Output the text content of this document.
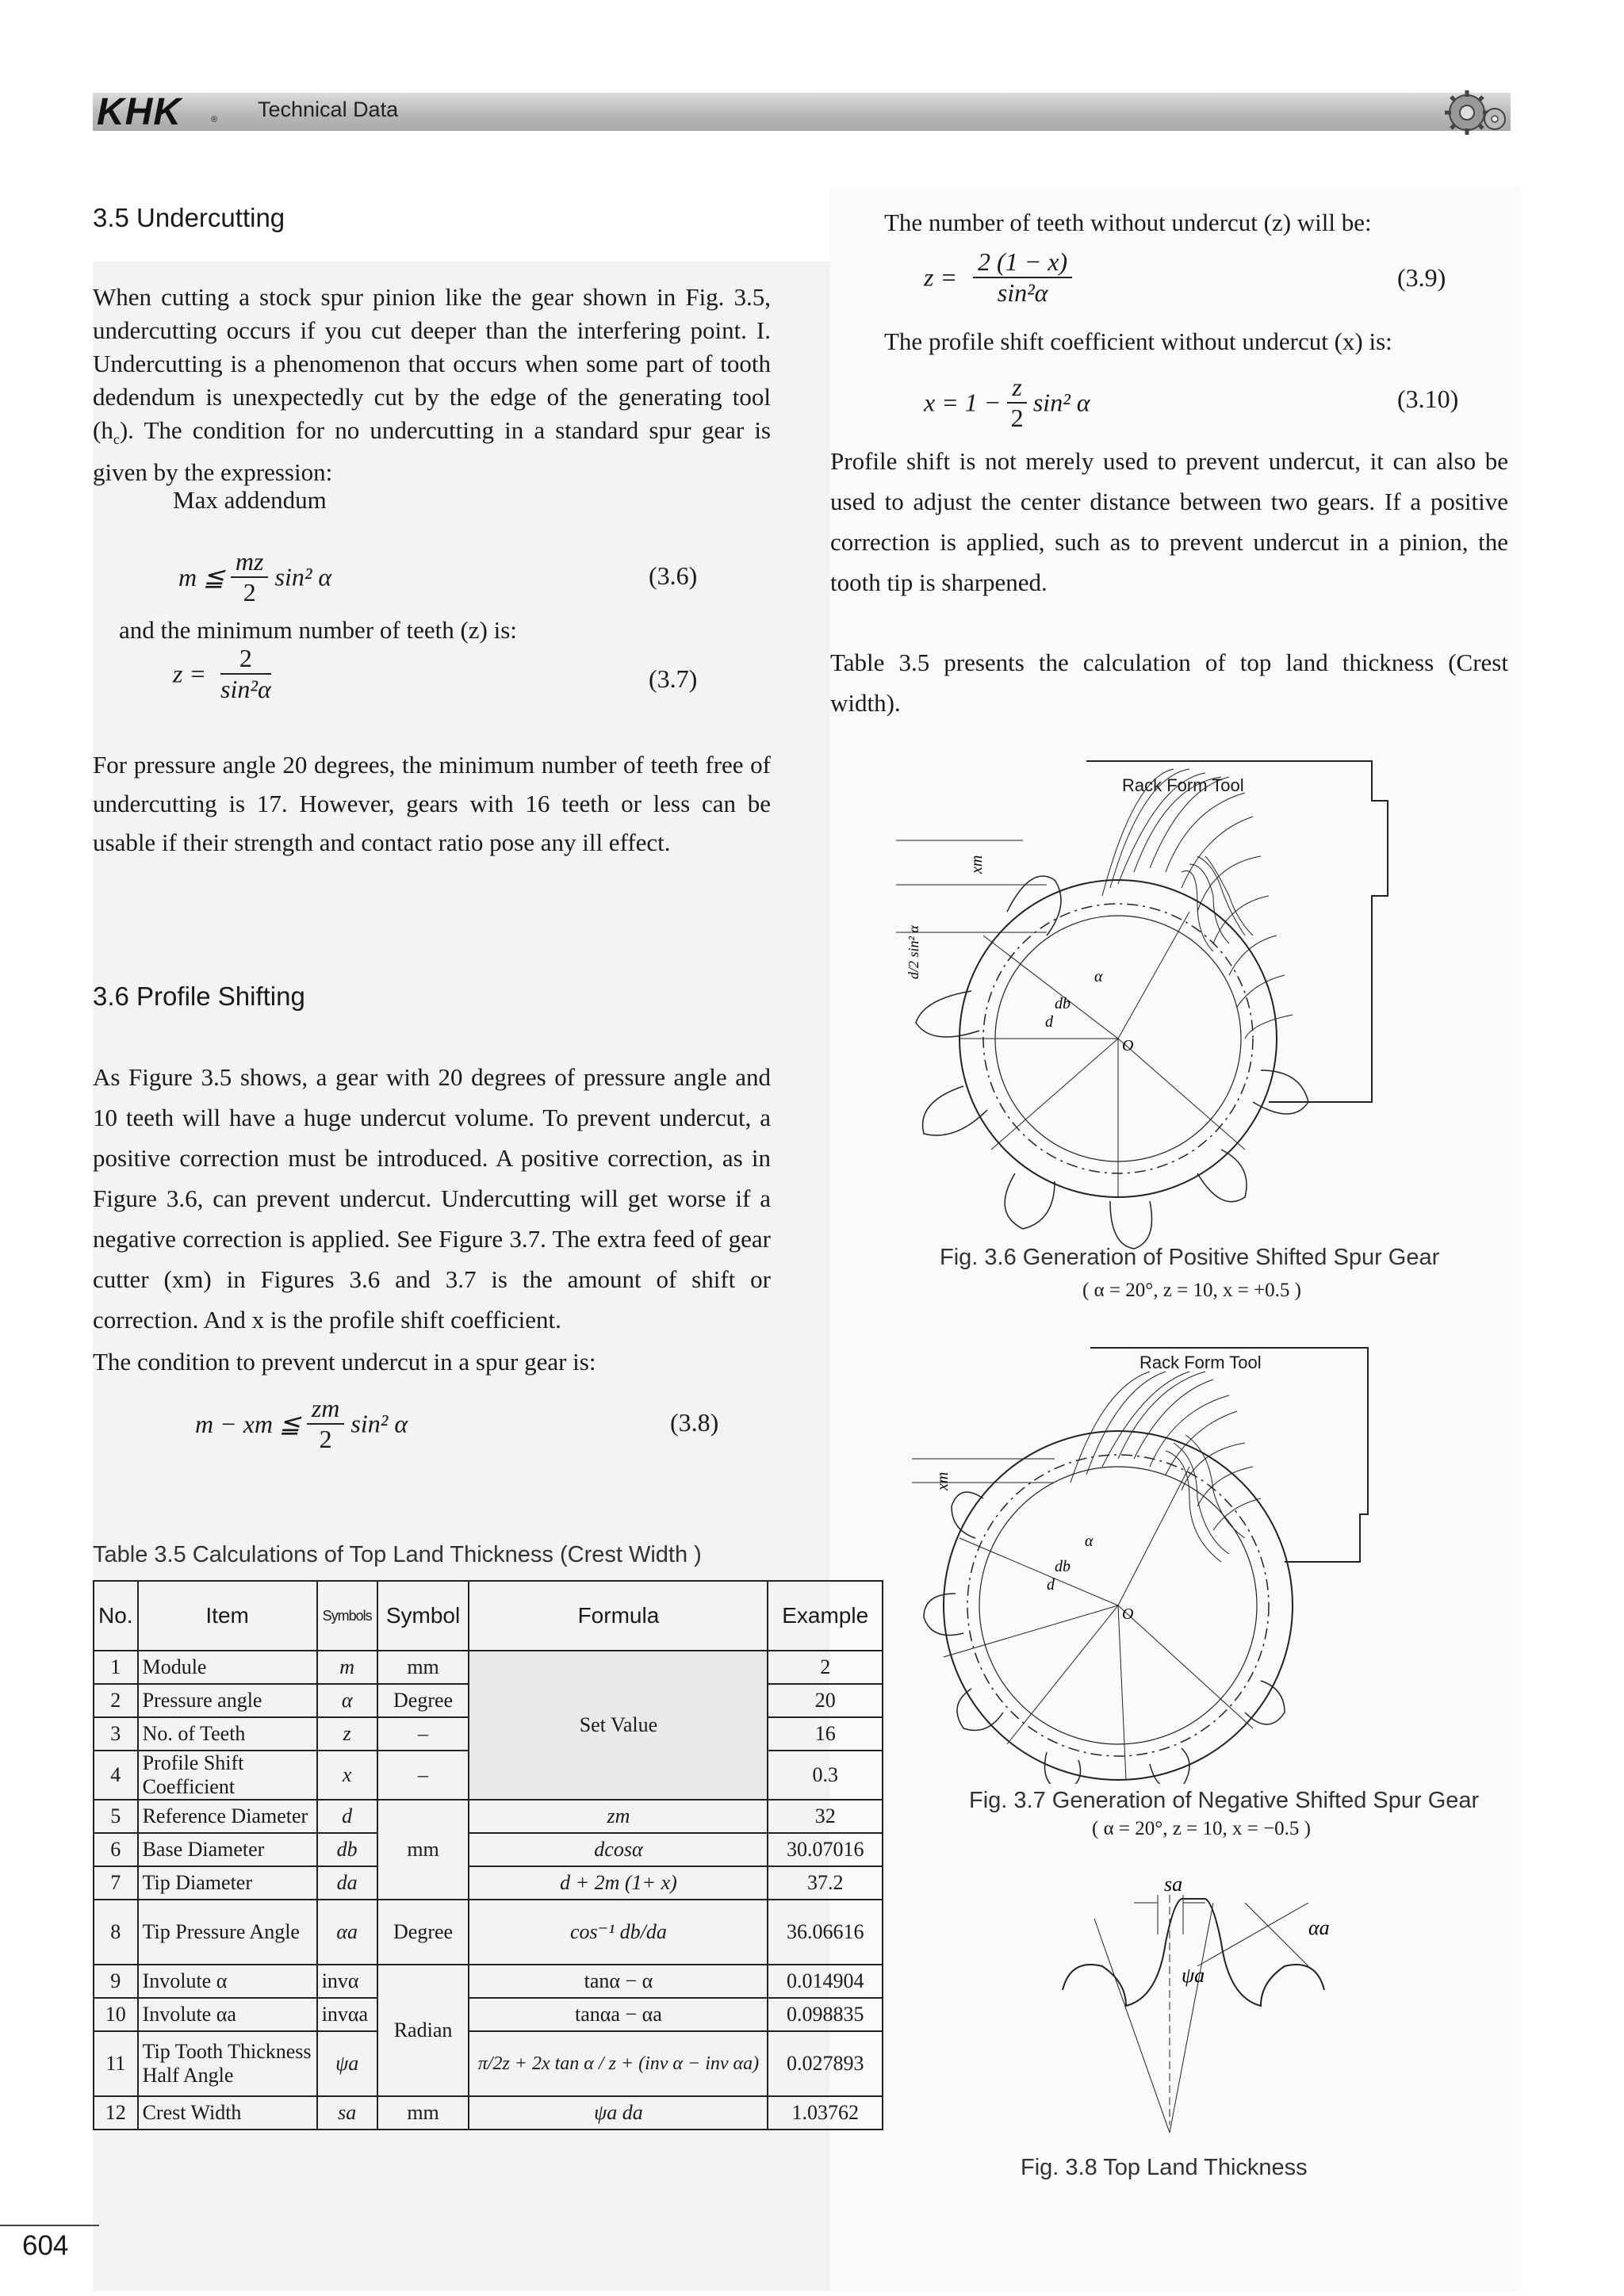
KHK	® Technical Data
3.5 Undercutting

When cutting a stock spur pinion like the gear shown in Fig. 3.5, undercutting occurs if you cut deeper than the interfering point. I. Undercutting is a phenomenon that occurs when some part of tooth dedendum is unexpectedly cut by the edge of the generating tool $(h_c)$. The condition for no undercutting in a standard spur gear is given by the expression:

Max addendum
m ≦ $\frac{mz}{2} \sin^2$ α	(3.6)
and the minimum number of teeth (z) is:
$z = \frac{2}{\text{sin²α}}$	(3.7)
For pressure angle 20 degrees, the minimum number of teeth free of undercutting is 17. However, gears with 16 teeth or less can be usable if their strength and contact ratio pose any ill effect.
3.6 Profile Shifting
As Figure 3.5 shows, a gear with 20 degrees of pressure angle and 10 teeth will have a huge undercut volume. To prevent undercut, a positive correction must be introduced. A positive correction, as in Figure 3.6, can prevent undercut. Undercutting will get worse if a negative correction is applied. See Figure 3.7. The extra feed of gear cutter (xm) in Figures 3.6 and 3.7 is the amount of shift or correction. And x is the profile shift coefficient.
The condition to prevent undercut in a spur gear is:
m − xm ≦ $\frac{zm}{2} \sin^2$ α	(3.8)
Table 3.5 Calculations of Top Land Thickness (Crest Width )
No.	Item	Symbols	Symbol	Formula	Example
1	Module	m	mm	Set Value	2
2	Pressure angle	α	Degree		20
3	No. of Teeth	z	–		16
4	Profile Shift Coefficient	x	–		0.3
5	Reference Diameter	d	mm	zm	32
6	Base Diameter	db		dcosα	30.07016
7	Tip Diameter	da		d + 2m (1+ x)	37.2
8	Tip Pressure Angle	αa	Degree	cos⁻¹ db/da	36.06616
9	Involute α	invα	Radian	tanα − α	0.014904
10	Involute αa	invαa		tanαa − αa	0.098835
11	Tip Tooth Thickness Half Angle	ψa		π/2z + 2x tan α / z + (inv α − inv αa)	0.027893
12	Crest Width	sa	mm	ψa da	1.03762
The number of teeth without undercut (z) will be:
$z = \frac{2 (1 - x)}{\text{sin²α}}$	(3.9)
The profile shift coefficient without undercut (x) is:
$x = 1 - \frac{z}{2} \sin^2$ α	(3.10)
Profile shift is not merely used to prevent undercut, it can also be used to adjust the center distance between two gears. If a positive correction is applied, such as to prevent undercut in a pinion, the tooth tip is sharpened.
Table 3.5 presents the calculation of top land thickness (Crest width).
O
db
d
α
xm
d/2 sin² α
Rack Form Tool
Fig. 3.6 Generation of Positive Shifted Spur Gear
( α = 20°, z = 10, x = +0.5 )
O
db
d
α
xm
Rack Form Tool
Fig. 3.7 Generation of Negative Shifted Spur Gear
( α = 20°, z = 10, x = −0.5 )
sa
αa
ψa
Fig. 3.8 Top Land Thickness
604
